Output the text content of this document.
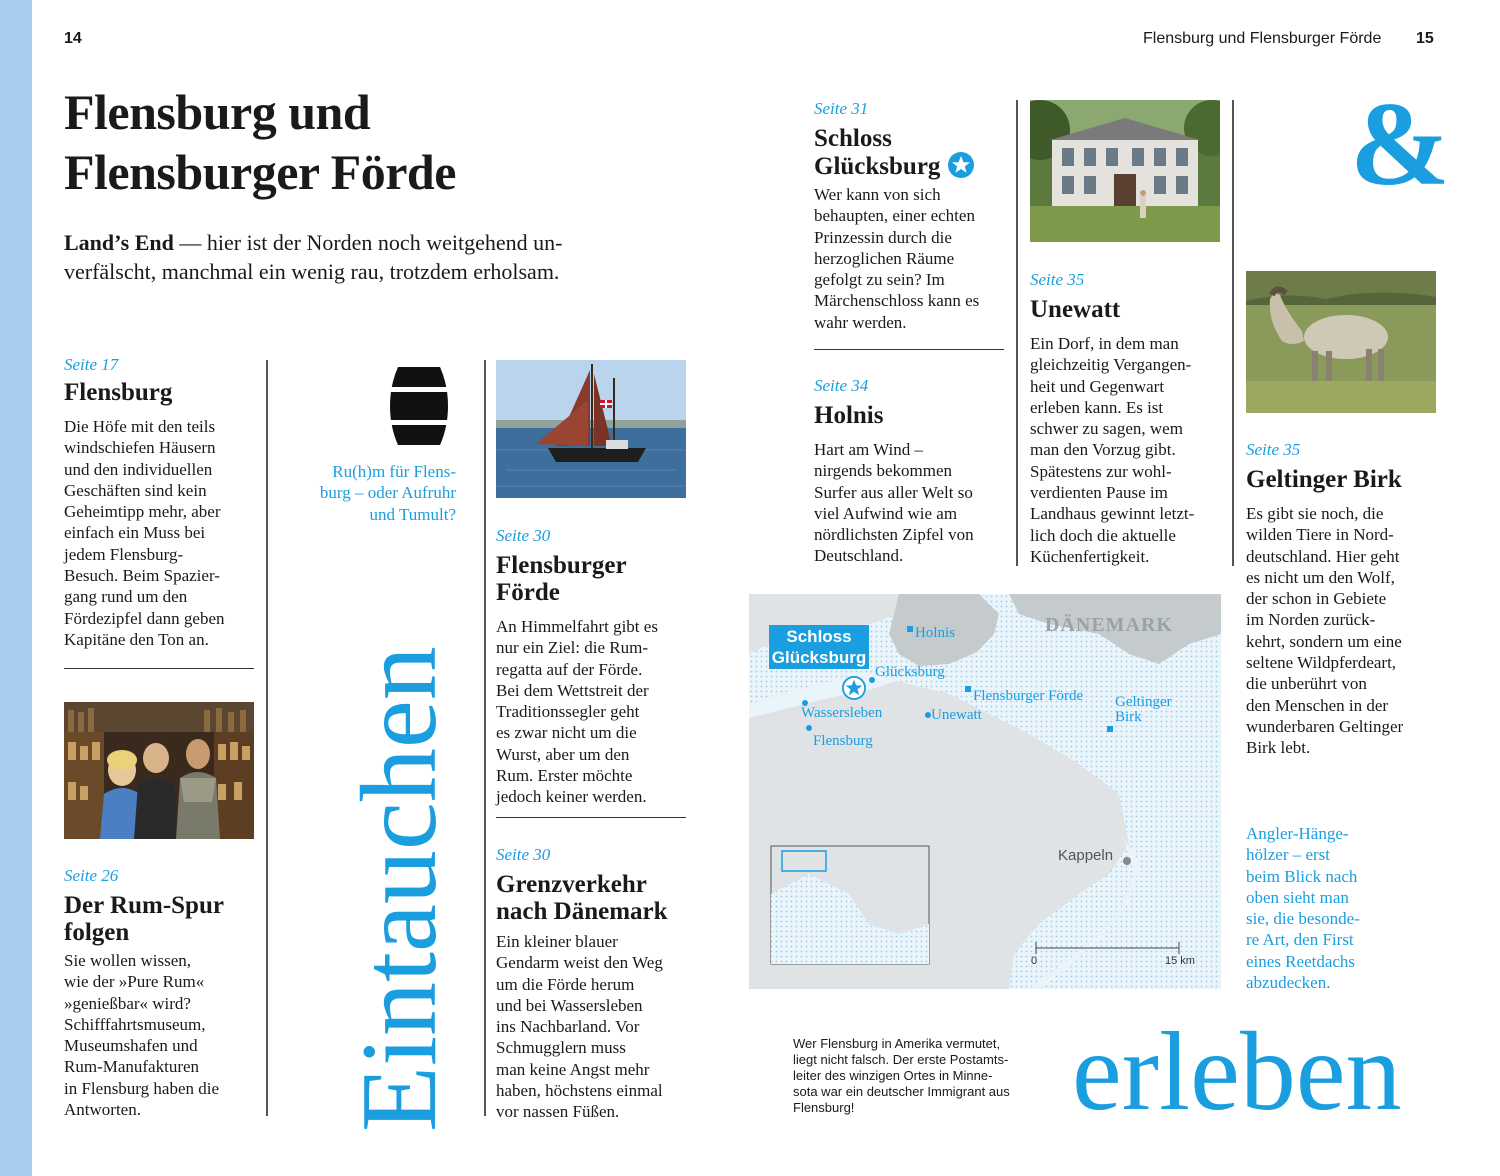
14	Flensburg und Flensburger Förde 15
Flensburg und
Flensburger Förde
Land’s End — hier ist der Norden noch weitgehend un-
verfälscht, manchmal ein wenig rau, trotzdem erholsam.
Seite 17
Flensburg
Die Höfe mit den teils
windschiefen Häusern
und den individuellen
Geschäften sind kein
Geheimtipp mehr, aber
einfach ein Muss bei
jedem Flensburg-
Besuch. Beim Spazier-
gang rund um den
Fördezipfel dann geben
Kapitäne den Ton an.
Seite 26
Der Rum-Spur
folgen
Sie wollen wissen,
wie der »Pure Rum«
»genießbar« wird?
Schifffahrtsmuseum,
Museumshafen und
Rum-Manufakturen
in Flensburg haben die
Antworten.
Ru(h)m für Flens-
burg – oder Aufruhr
und Tumult?
Eintauchen
Seite 30
Flensburger
Förde
An Himmelfahrt gibt es
nur ein Ziel: die Rum-
regatta auf der Förde.
Bei dem Wettstreit der
Traditionssegler geht
es zwar nicht um die
Wurst, aber um den
Rum. Erster möchte
jedoch keiner werden.
Seite 30
Grenzverkehr
nach Dänemark
Ein kleiner blauer
Gendarm weist den Weg
um die Förde herum
und bei Wassersleben
ins Nachbarland. Vor
Schmugglern muss
man keine Angst mehr
haben, höchstens einmal
vor nassen Füßen.
Seite 31
Schloss
Glücksburg
Wer kann von sich
behaupten, einer echten
Prinzessin durch die
herzoglichen Räume
gefolgt zu sein? Im
Märchenschloss kann es
wahr werden.
Seite 34
Holnis
Hart am Wind –
nirgends bekommen
Surfer aus aller Welt so
viel Aufwind wie am
nördlichsten Zipfel von
Deutschland.
Seite 35
Unewatt
Ein Dorf, in dem man
gleichzeitig Vergangen-
heit und Gegenwart
erleben kann. Es ist
schwer zu sagen, wem
man den Vorzug gibt.
Spätestens zur wohl-
verdienten Pause im
Landhaus gewinnt letzt-
lich doch die aktuelle
Küchenfertigkeit.
&
Seite 35
Geltinger Birk
Es gibt sie noch, die
wilden Tiere in Nord-
deutschland. Hier geht
es nicht um den Wolf,
der schon in Gebiete
im Norden zurück-
kehrt, sondern um eine
seltene Wildpferdeart,
die unberührt von
den Menschen in der
wunderbaren Geltinger
Birk lebt.
Angler-Hänge-
hölzer – erst
beim Blick nach
oben sieht man
sie, die besonde-
re Art, den First
eines Reetdachs
abzudecken.
DÄNEMARK
Schloss
Glücksburg
Holnis
Glücksburg
Flensburger Förde
Wassersleben	Unewatt
Flensburg
Geltinger
Birk
Kappeln
0	15 km
Wer Flensburg in Amerika vermutet,
liegt nicht falsch. Der erste Postamts-
leiter des winzigen Ortes in Minne-
sota war ein deutscher Immigrant aus
Flensburg!	erleben
